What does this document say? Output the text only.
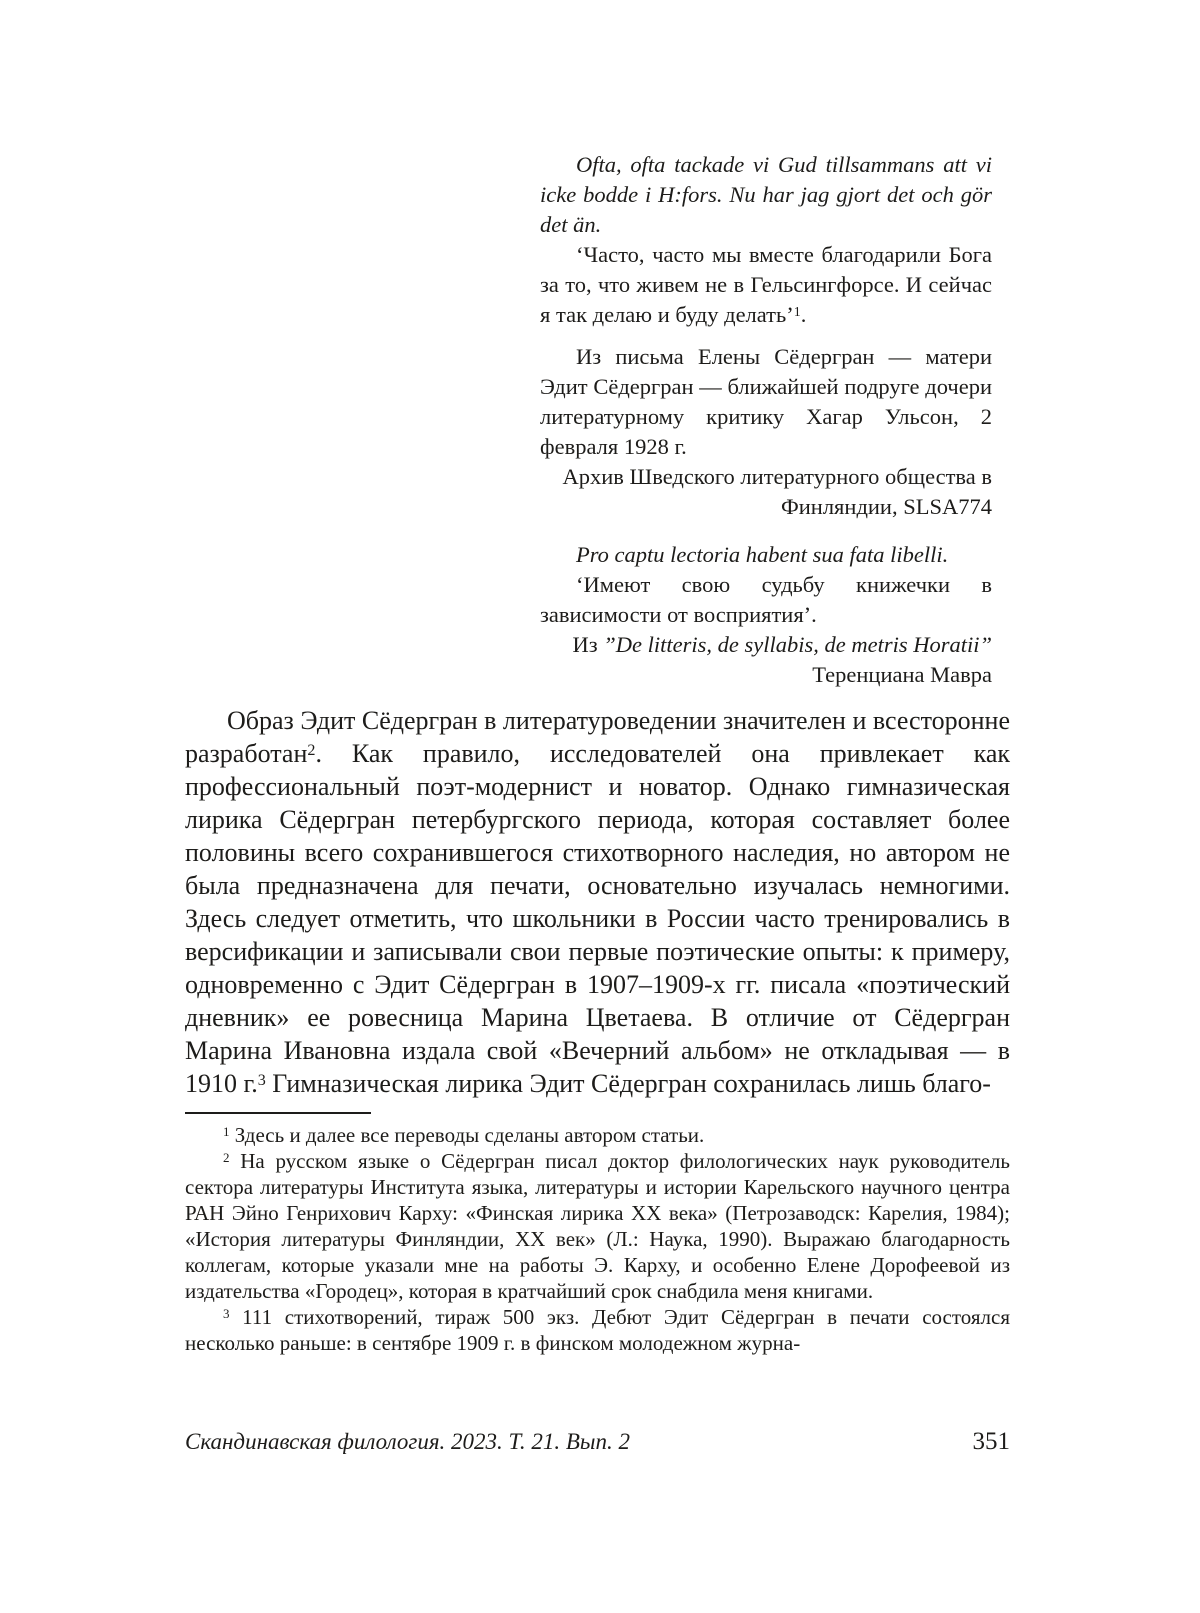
Ofta, ofta tackade vi Gud tillsammans att vi icke bodde i H:fors. Nu har jag gjort det och gör det än.

‘Часто, часто мы вместе благодарили Бога за то, что живем не в Гельсингфорсе. И сейчас я так делаю и буду делать’$^1$.

Из письма Елены Сёдергран — матери Эдит Сёдергран — ближайшей подруге дочери литературному критику Хагар Ульсон, 2 февраля 1928 г.

Архив Шведского литературного общества в Финляндии, SLSA774

Pro captu lectoria habent sua fata libelli.

‘Имеют свою судьбу книжечки в зависимости от восприятия’.

Из ”De litteris, de syllabis, de metris Horatii”

Теренциана Мавра

Образ Эдит Сёдергран в литературоведении значителен и всесторонне разработан$^2$. Как правило, исследователей она привлекает как профессиональный поэт-модернист и новатор. Однако гимназическая лирика Сёдергран петербургского периода, которая составляет более половины всего сохранившегося стихотворного наследия, но автором не была предназначена для печати, основательно изучалась немногими. Здесь следует отметить, что школьники в России часто тренировались в версификации и записывали свои первые поэтические опыты: к примеру, одновременно с Эдит Сёдергран в 1907–1909-х гг. писала «поэтический дневник» ее ровесница Марина Цветаева. В отличие от Сёдергран Марина Ивановна издала свой «Вечерний альбом» не откладывая — в 1910 г.$^3$ Гимназическая лирика Эдит Сёдергран сохранилась лишь благо-

$^1$ Здесь и далее все переводы сделаны автором статьи.

$^2$ На русском языке о Сёдергран писал доктор филологических наук руководитель сектора литературы Института языка, литературы и истории Карельского научного центра РАН Эйно Генрихович Карху: «Финская лирика XX века» (Петрозаводск: Карелия, 1984); «История литературы Финляндии, XX век» (Л.: Наука, 1990). Выражаю благодарность коллегам, которые указали мне на работы Э. Карху, и особенно Елене Дорофеевой из издательства «Городец», которая в кратчайший срок снабдила меня книгами.

$^3$ 111 стихотворений, тираж 500 экз. Дебют Эдит Сёдергран в печати состоялся несколько раньше: в сентябре 1909 г. в финском молодежном журна-

Скандинавская филология. 2023. Т. 21. Вып. 2	351
